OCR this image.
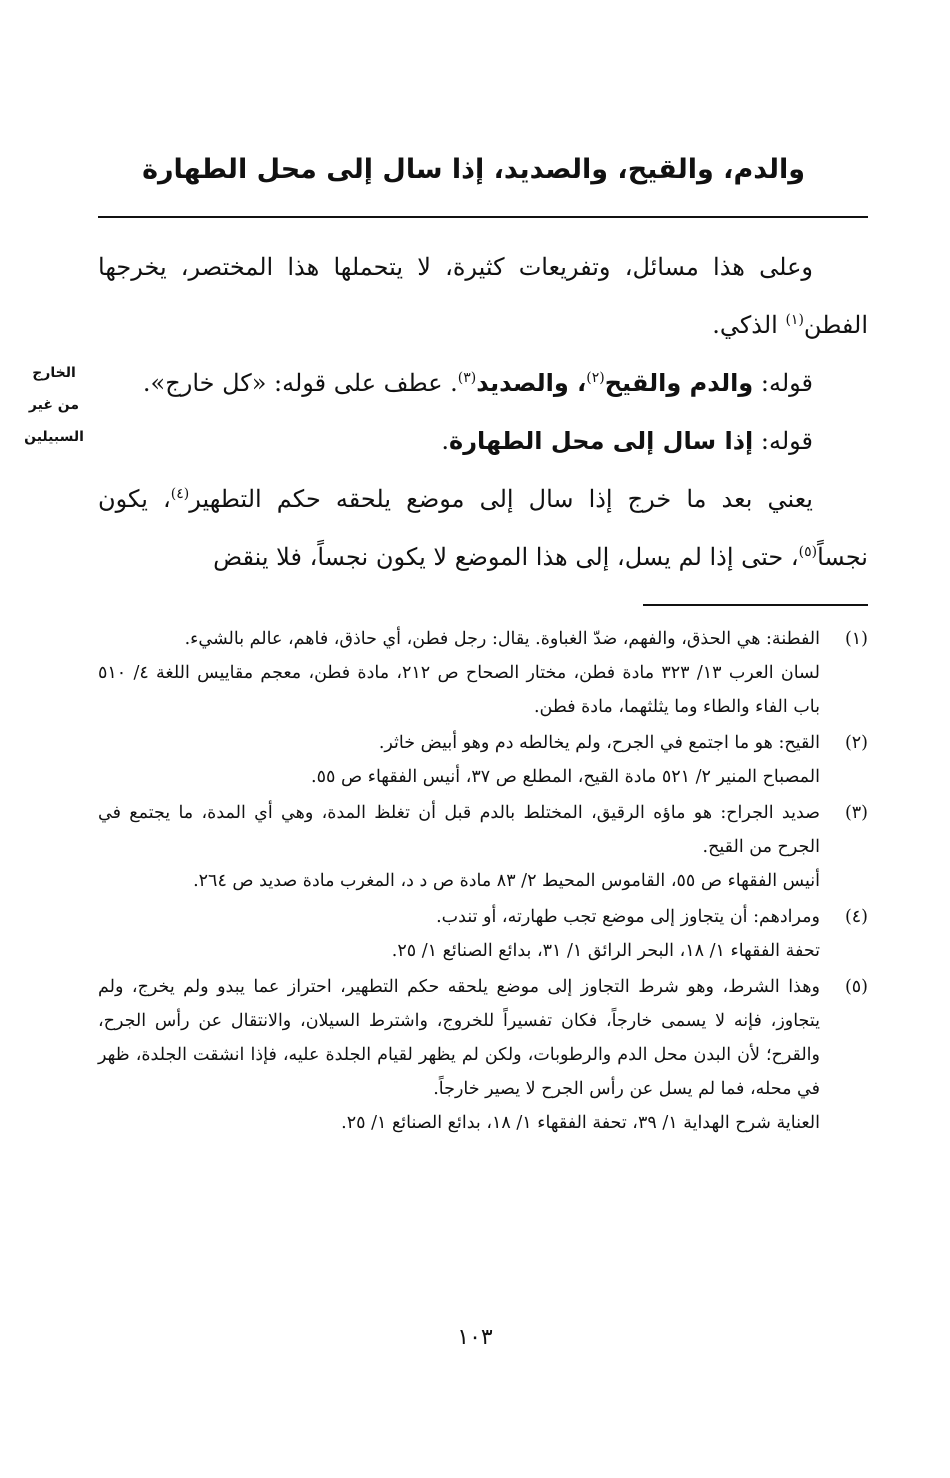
والدم، والقيح، والصديد، إذا سال إلى محل الطهارة

وعلى هذا مسائل، وتفريعات كثيرة، لا يتحملها هذا المختصر، يخرجها الفطن$^{(١)}$ الذكي.

قوله: والدم والقيح$^{(٢)}$، والصديد$^{(٣)}$. عطف على قوله: «كل خارج».

قوله: إذا سال إلى محل الطهارة.

يعني بعد ما خرج إذا سال إلى موضع يلحقه حكم التطهير$^{(٤)}$، يكون نجساً$^{(٥)}$، حتى إذا لم يسل، إلى هذا الموضع لا يكون نجساً، فلا ينقض

الخارج
من غير
السبيلين
(١)

الفطنة: هي الحذق، والفهم، ضدّ الغباوة. يقال: رجل فطن، أي حاذق، فاهم، عالم بالشيء.

لسان العرب ١٣/ ٣٢٣ مادة فطن، مختار الصحاح ص ٢١٢، مادة فطن، معجم مقاييس اللغة ٤/ ٥١٠ باب الفاء والطاء وما يثلثهما، مادة فطن.

(٢)

القيح: هو ما اجتمع في الجرح، ولم يخالطه دم وهو أبيض خاثر.

المصباح المنير ٢/ ٥٢١ مادة القيح، المطلع ص ٣٧، أنيس الفقهاء ص ٥٥.

(٣)

صديد الجراح: هو ماؤه الرقيق، المختلط بالدم قبل أن تغلظ المدة، وهي أي المدة، ما يجتمع في الجرح من القيح.

أنيس الفقهاء ص ٥٥، القاموس المحيط ٢/ ٨٣ مادة ص د د، المغرب مادة صديد ص ٢٦٤.

(٤)

ومرادهم: أن يتجاوز إلى موضع تجب طهارته، أو تندب.

تحفة الفقهاء ١/ ١٨، البحر الرائق ١/ ٣١، بدائع الصنائع ١/ ٢٥.

(٥)

وهذا الشرط، وهو شرط التجاوز إلى موضع يلحقه حكم التطهير، احتراز عما يبدو ولم يخرج، ولم يتجاوز، فإنه لا يسمى خارجاً، فكان تفسيراً للخروج، واشترط السيلان، والانتقال عن رأس الجرح، والقرح؛ لأن البدن محل الدم والرطوبات، ولكن لم يظهر لقيام الجلدة عليه، فإذا انشقت الجلدة، ظهر في محله، فما لم يسل عن رأس الجرح لا يصير خارجاً.

العناية شرح الهداية ١/ ٣٩، تحفة الفقهاء ١/ ١٨، بدائع الصنائع ١/ ٢٥.

١٠٣
